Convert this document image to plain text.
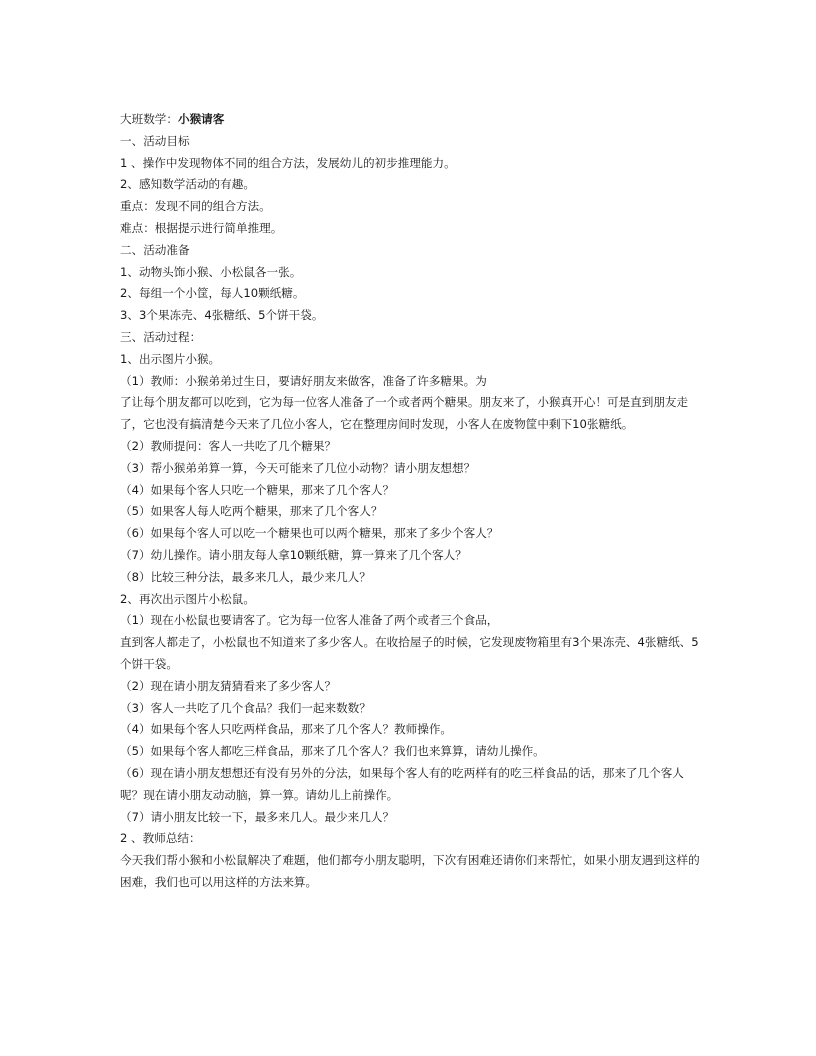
大班数学：小猴请客

一、活动目标

1 、操作中发现物体不同的组合方法，发展幼儿的初步推理能力。

2、感知数学活动的有趣。

重点：发现不同的组合方法。

难点：根据提示进行简单推理。

二、活动准备

1、动物头饰小猴、小松鼠各一张。

2、每组一个小筐，每人10颗纸糖。

3、3个果冻壳、4张糖纸、5个饼干袋。

三、活动过程：

1、出示图片小猴。

（1）教师：小猴弟弟过生日，要请好朋友来做客，准备了许多糖果。为

了让每个朋友都可以吃到，它为每一位客人准备了一个或者两个糖果。朋友来了，小猴真开心！可是直到朋友走了，它也没有搞清楚今天来了几位小客人，它在整理房间时发现，小客人在废物筐中剩下10张糖纸。

（2）教师提问：客人一共吃了几个糖果？

（3）帮小猴弟弟算一算，今天可能来了几位小动物？请小朋友想想？

（4）如果每个客人只吃一个糖果，那来了几个客人？

（5）如果客人每人吃两个糖果，那来了几个客人？

（6）如果每个客人可以吃一个糖果也可以两个糖果，那来了多少个客人？

（7）幼儿操作。请小朋友每人拿10颗纸糖，算一算来了几个客人？

（8）比较三种分法，最多来几人，最少来几人？

2、再次出示图片小松鼠。

（1）现在小松鼠也要请客了。它为每一位客人准备了两个或者三个食品，

直到客人都走了，小松鼠也不知道来了多少客人。在收拾屋子的时候，它发现废物箱里有3个果冻壳、4张糖纸、5个饼干袋。

（2）现在请小朋友猜猜看来了多少客人？

（3）客人一共吃了几个食品？我们一起来数数？

（4）如果每个客人只吃两样食品，那来了几个客人？教师操作。

（5）如果每个客人都吃三样食品，那来了几个客人？我们也来算算，请幼儿操作。

（6）现在请小朋友想想还有没有另外的分法，如果每个客人有的吃两样有的吃三样食品的话，那来了几个客人呢？现在请小朋友动动脑，算一算。请幼儿上前操作。

（7）请小朋友比较一下，最多来几人。最少来几人？

2 、教师总结：

今天我们帮小猴和小松鼠解决了难题，他们都夸小朋友聪明，下次有困难还请你们来帮忙，如果小朋友遇到这样的困难，我们也可以用这样的方法来算。
